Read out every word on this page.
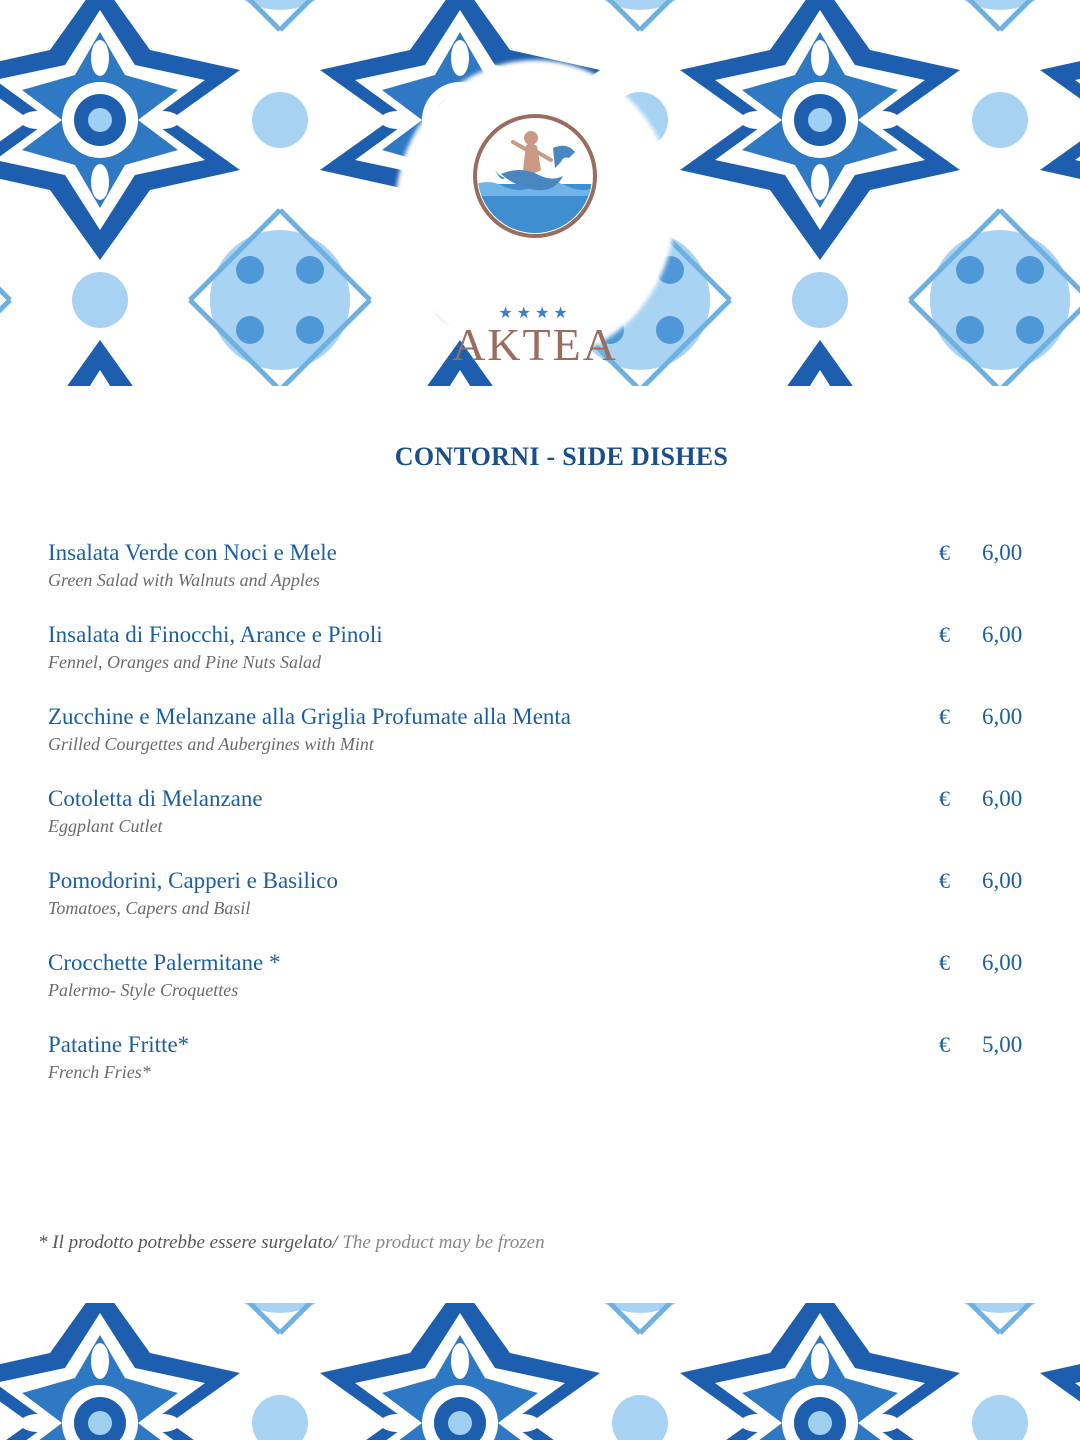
★★★★
AKTEA
CONTORNI - SIDE DISHES
Insalata Verde con Noci e Mele
Green Salad with Walnuts and Apples
€ 6,00
Insalata di Finocchi, Arance e Pinoli
Fennel, Oranges and Pine Nuts Salad
€ 6,00
Zucchine e Melanzane alla Griglia Profumate alla Menta
Grilled Courgettes and Aubergines with Mint
€ 6,00
Cotoletta di Melanzane
Eggplant Cutlet
€ 6,00
Pomodorini, Capperi e Basilico
Tomatoes, Capers and Basil
€ 6,00
Crocchette Palermitane *
Palermo- Style Croquettes
€ 6,00
Patatine Fritte*
French Fries*
€ 5,00
* Il prodotto potrebbe essere surgelato/ The product may be frozen
